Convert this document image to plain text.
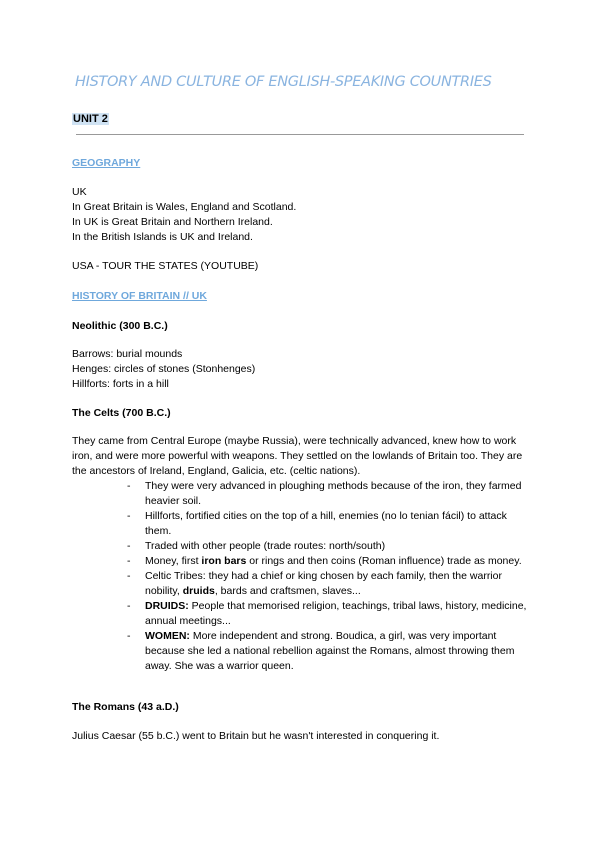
HISTORY AND CULTURE OF ENGLISH-SPEAKING COUNTRIES
UNIT 2
GEOGRAPHY
UK
In Great Britain is Wales, England and Scotland.
In UK is Great Britain and Northern Ireland.
In the British Islands is UK and Ireland.
USA - TOUR THE STATES (YOUTUBE)
HISTORY OF BRITAIN // UK
Neolithic (300 B.C.)
Barrows: burial mounds
Henges: circles of stones (Stonhenges)
Hillforts: forts in a hill
The Celts (700 B.C.)
They came from Central Europe (maybe Russia), were technically advanced, knew how to work iron, and were more powerful with weapons. They settled on the lowlands of Britain too. They are the ancestors of Ireland, England, Galicia, etc. (celtic nations).
- They were very advanced in ploughing methods because of the iron, they farmed heavier soil.
- Hillforts, fortified cities on the top of a hill, enemies (no lo tenian fácil) to attack them.
- Traded with other people (trade routes: north/south)
- Money, first iron bars or rings and then coins (Roman influence) trade as money.
- Celtic Tribes: they had a chief or king chosen by each family, then the warrior nobility, druids, bards and craftsmen, slaves...
- DRUIDS: People that memorised religion, teachings, tribal laws, history, medicine, annual meetings...
- WOMEN: More independent and strong. Boudica, a girl, was very important because she led a national rebellion against the Romans, almost throwing them away. She was a warrior queen.
The Romans (43 a.D.)
Julius Caesar (55 b.C.) went to Britain but he wasn't interested in conquering it.
